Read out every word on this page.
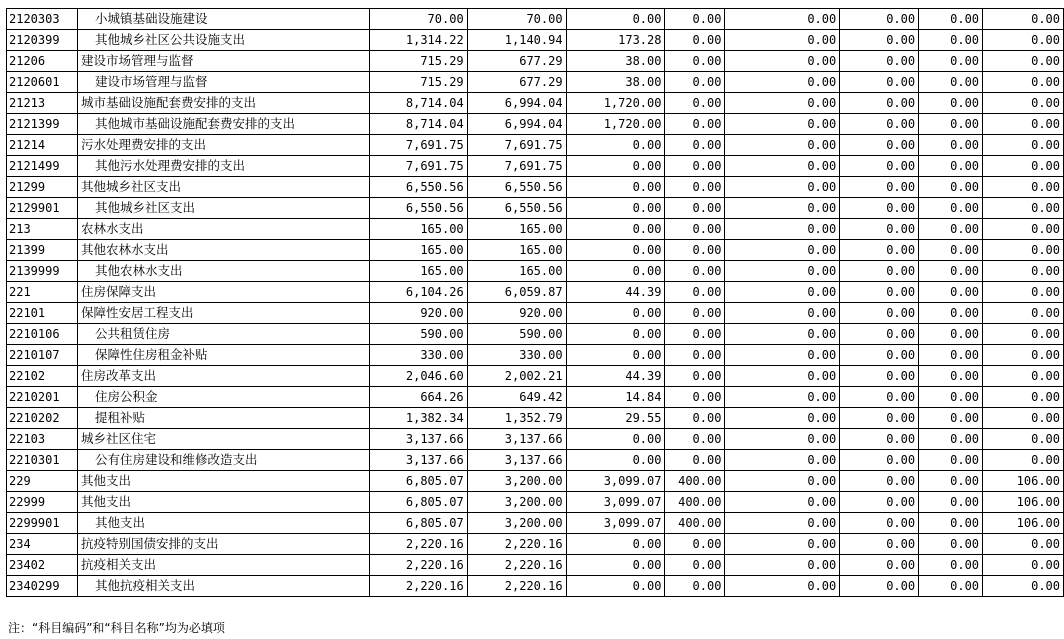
2120303	小城镇基础设施建设	70.00	70.00	0.00	0.00	0.00	0.00	0.00	0.00
2120399	其他城乡社区公共设施支出	1,314.22	1,140.94	173.28	0.00	0.00	0.00	0.00	0.00
21206	建设市场管理与监督	715.29	677.29	38.00	0.00	0.00	0.00	0.00	0.00
2120601	建设市场管理与监督	715.29	677.29	38.00	0.00	0.00	0.00	0.00	0.00
21213	城市基础设施配套费安排的支出	8,714.04	6,994.04	1,720.00	0.00	0.00	0.00	0.00	0.00
2121399	其他城市基础设施配套费安排的支出	8,714.04	6,994.04	1,720.00	0.00	0.00	0.00	0.00	0.00
21214	污水处理费安排的支出	7,691.75	7,691.75	0.00	0.00	0.00	0.00	0.00	0.00
2121499	其他污水处理费安排的支出	7,691.75	7,691.75	0.00	0.00	0.00	0.00	0.00	0.00
21299	其他城乡社区支出	6,550.56	6,550.56	0.00	0.00	0.00	0.00	0.00	0.00
2129901	其他城乡社区支出	6,550.56	6,550.56	0.00	0.00	0.00	0.00	0.00	0.00
213	农林水支出	165.00	165.00	0.00	0.00	0.00	0.00	0.00	0.00
21399	其他农林水支出	165.00	165.00	0.00	0.00	0.00	0.00	0.00	0.00
2139999	其他农林水支出	165.00	165.00	0.00	0.00	0.00	0.00	0.00	0.00
221	住房保障支出	6,104.26	6,059.87	44.39	0.00	0.00	0.00	0.00	0.00
22101	保障性安居工程支出	920.00	920.00	0.00	0.00	0.00	0.00	0.00	0.00
2210106	公共租赁住房	590.00	590.00	0.00	0.00	0.00	0.00	0.00	0.00
2210107	保障性住房租金补贴	330.00	330.00	0.00	0.00	0.00	0.00	0.00	0.00
22102	住房改革支出	2,046.60	2,002.21	44.39	0.00	0.00	0.00	0.00	0.00
2210201	住房公积金	664.26	649.42	14.84	0.00	0.00	0.00	0.00	0.00
2210202	提租补贴	1,382.34	1,352.79	29.55	0.00	0.00	0.00	0.00	0.00
22103	城乡社区住宅	3,137.66	3,137.66	0.00	0.00	0.00	0.00	0.00	0.00
2210301	公有住房建设和维修改造支出	3,137.66	3,137.66	0.00	0.00	0.00	0.00	0.00	0.00
229	其他支出	6,805.07	3,200.00	3,099.07	400.00	0.00	0.00	0.00	106.00
22999	其他支出	6,805.07	3,200.00	3,099.07	400.00	0.00	0.00	0.00	106.00
2299901	其他支出	6,805.07	3,200.00	3,099.07	400.00	0.00	0.00	0.00	106.00
234	抗疫特别国债安排的支出	2,220.16	2,220.16	0.00	0.00	0.00	0.00	0.00	0.00
23402	抗疫相关支出	2,220.16	2,220.16	0.00	0.00	0.00	0.00	0.00	0.00
2340299	其他抗疫相关支出	2,220.16	2,220.16	0.00	0.00	0.00	0.00	0.00	0.00
注：“科目编码”和“科目名称”均为必填项
